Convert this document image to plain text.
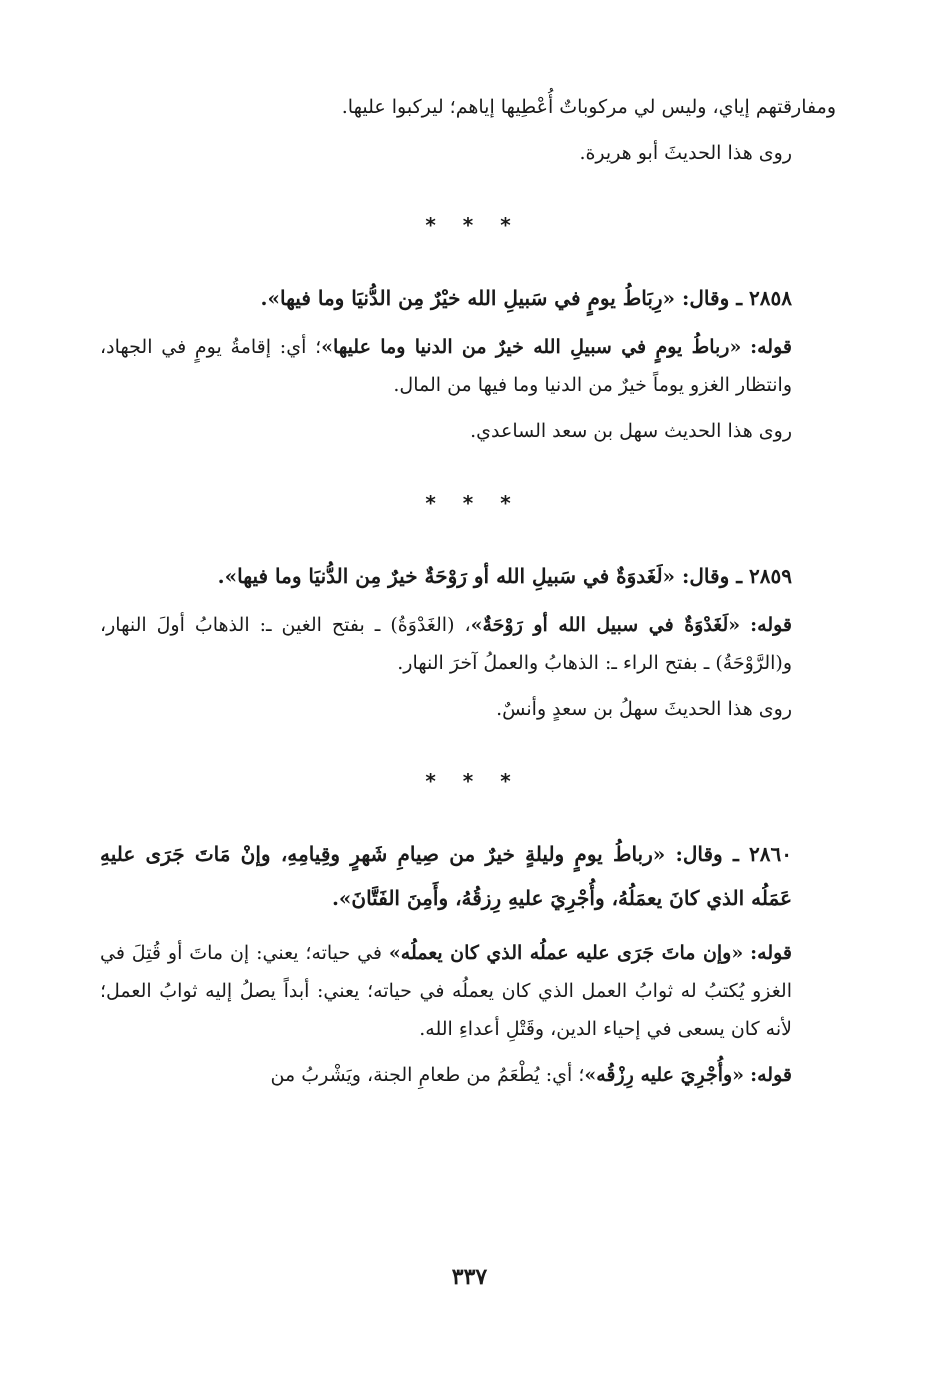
ومفارقتهم إياي، وليس لي مركوباتٌ أُعْطِيها إياهم؛ ليركبوا عليها.

روى هذا الحديثَ أبو هريرة.

* * *

٢٨٥٨ ـ وقال: «رِبَاطُ يومٍ في سَبيلِ الله خيْرٌ مِن الدُّنيَا وما فيها».

قوله: «رباطُ يومٍ في سبيلِ الله خيرٌ من الدنيا وما عليها»؛ أي: إقامةُ يومٍ في الجهاد، وانتظار الغزو يوماً خيرٌ من الدنيا وما فيها من المال.

روى هذا الحديث سهل بن سعد الساعدي.

* * *

٢٨٥٩ ـ وقال: «لَغَدوَةٌ في سَبيلِ الله أو رَوْحَةٌ خيرٌ مِن الدُّنيَا وما فيها».

قوله: «لَغَدْوَةٌ في سبيل الله أو رَوْحَةٌ»، (الغَدْوَةُ) ـ بفتح الغين ـ: الذهابُ أولَ النهار، و(الرَّوْحَةُ) ـ بفتح الراء ـ: الذهابُ والعملُ آخرَ النهار.

روى هذا الحديثَ سهلُ بن سعدٍ وأنسٌ.

* * *

٢٨٦٠ ـ وقال: «رباطُ يومٍ وليلةٍ خيرٌ من صِيامِ شَهرٍ وقِيامِهِ، وإنْ مَاتَ جَرَى عليهِ عَمَلُه الذي كانَ يعمَلُهُ، وأُجْرِيَ عليهِ رِزقُهُ، وأَمِنَ الفَتَّانَ».

قوله: «وإن ماتَ جَرَى عليه عملُه الذي كان يعملُه» في حياته؛ يعني: إن ماتَ أو قُتِلَ في الغزو يُكتبُ له ثوابُ العمل الذي كان يعملُه في حياته؛ يعني: أبداً يصلُ إليه ثوابُ العمل؛ لأنه كان يسعى في إحياء الدين، وقَتْلِ أعداءِ الله.

قوله: «وأُجْرِيَ عليه رِزْقُه»؛ أي: يُطْعَمُ من طعامِ الجنة، ويَشْربُ من

٣٣٧
